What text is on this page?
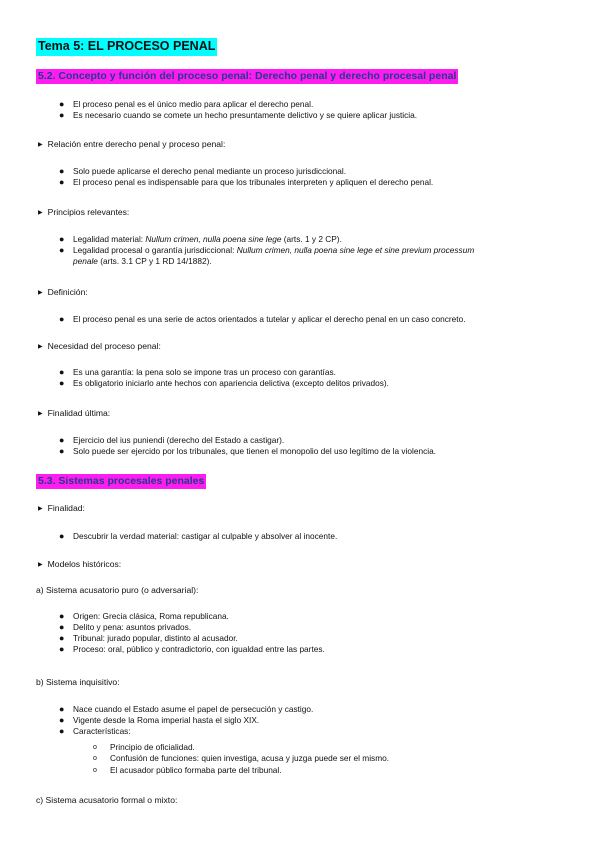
Tema 5: EL PROCESO PENAL
5.2. Concepto y función del proceso penal: Derecho penal y derecho procesal penal
● El proceso penal es el único medio para aplicar el derecho penal.
● Es necesario cuando se comete un hecho presuntamente delictivo y se quiere aplicar justicia.
▶ Relación entre derecho penal y proceso penal:
● Solo puede aplicarse el derecho penal mediante un proceso jurisdiccional.
● El proceso penal es indispensable para que los tribunales interpreten y apliquen el derecho penal.
▶ Principios relevantes:
● Legalidad material: Nullum crimen, nulla poena sine lege (arts. 1 y 2 CP).
● Legalidad procesal o garantía jurisdiccional: Nullum crimen, nulla poena sine lege et sine previum processum penale (arts. 3.1 CP y 1 RD 14/1882).
▶ Definición:
● El proceso penal es una serie de actos orientados a tutelar y aplicar el derecho penal en un caso concreto.
▶ Necesidad del proceso penal:
● Es una garantía: la pena solo se impone tras un proceso con garantías.
● Es obligatorio iniciarlo ante hechos con apariencia delictiva (excepto delitos privados).
▶ Finalidad última:
● Ejercicio del ius puniendi (derecho del Estado a castigar).
● Solo puede ser ejercido por los tribunales, que tienen el monopolio del uso legítimo de la violencia.
5.3. Sistemas procesales penales
▶ Finalidad:
● Descubrir la verdad material: castigar al culpable y absolver al inocente.
▶ Modelos históricos:
a) Sistema acusatorio puro (o adversarial):
● Origen: Grecia clásica, Roma republicana.
● Delito y pena: asuntos privados.
● Tribunal: jurado popular, distinto al acusador.
● Proceso: oral, público y contradictorio, con igualdad entre las partes.
b) Sistema inquisitivo:
● Nace cuando el Estado asume el papel de persecución y castigo.
● Vigente desde la Roma imperial hasta el siglo XIX.
● Características:
o Principio de oficialidad.
o Confusión de funciones: quien investiga, acusa y juzga puede ser el mismo.
o El acusador público formaba parte del tribunal.
c) Sistema acusatorio formal o mixto:
